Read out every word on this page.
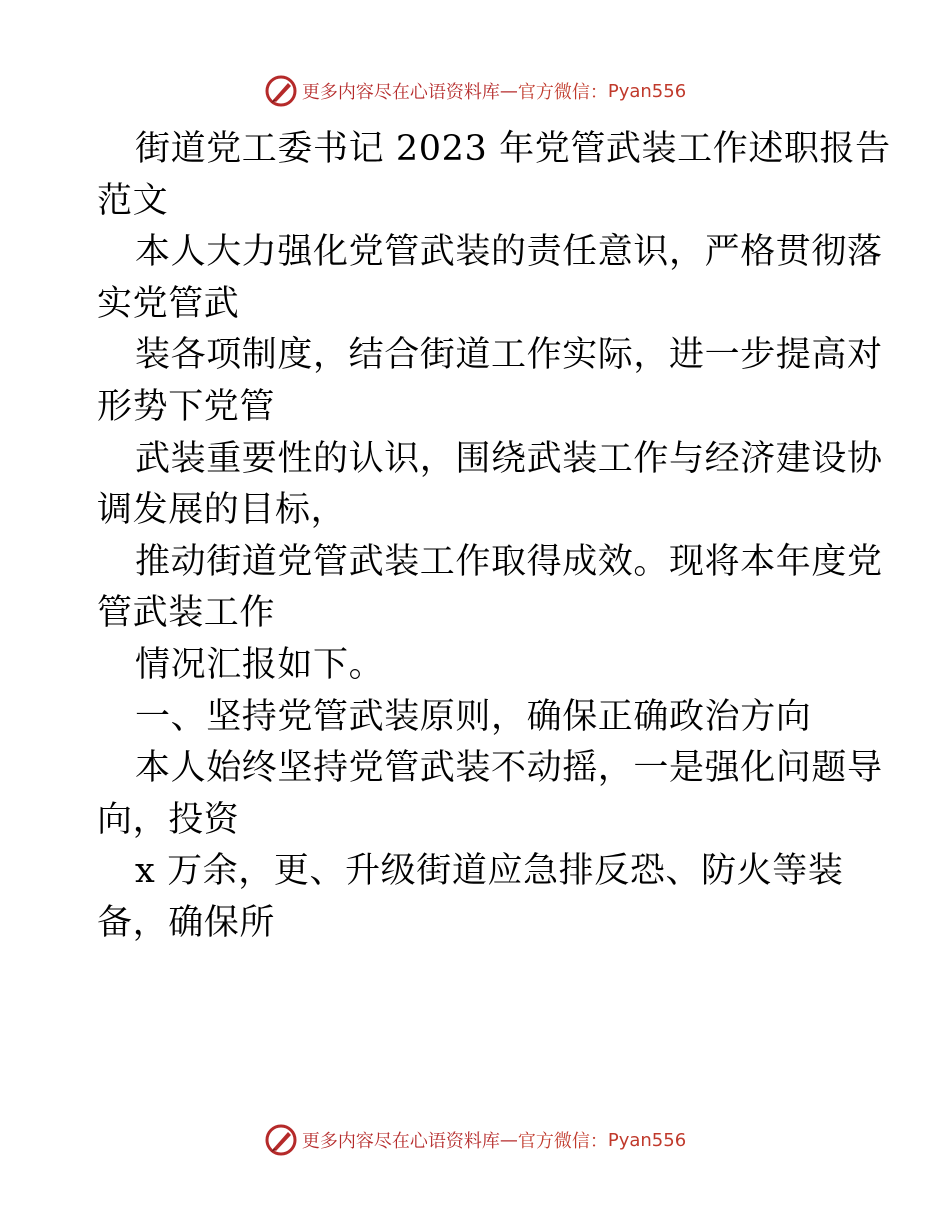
更多内容尽在心语资料库 — 官方微信： Pyan556
街道党工委书记 2023 年党管武装工作述职报告
范文
本人大力强化党管武装的责任意识，严格贯彻落
实党管武
装各项制度，结合街道工作实际，进一步提高对
形势下党管
武装重要性的认识，围绕武装工作与经济建设协
调发展的目标，
推动街道党管武装工作取得成效。现将本年度党
管武装工作
情况汇报如下。
一、坚持党管武装原则，确保正确政治方向
本人始终坚持党管武装不动摇，一是强化问题导
向，投资
x 万余，更、升级街道应急排反恐、防火等装
备，确保所
更多内容尽在心语资料库 — 官方微信： Pyan556
